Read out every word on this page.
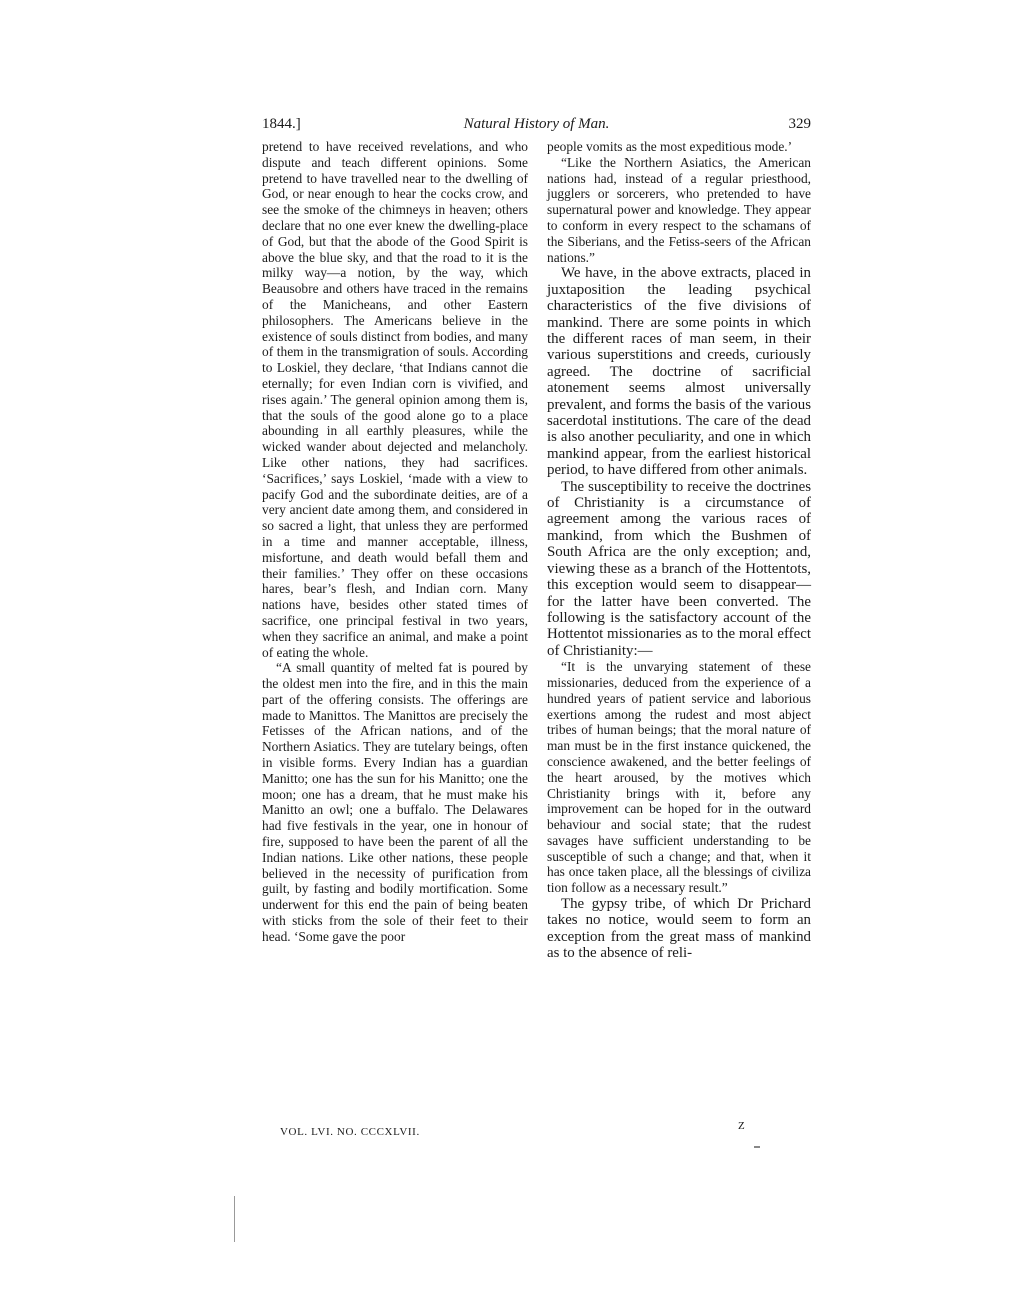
1844.]	Natural History of Man.	329

pretend to have received revelations, and who dispute and teach different opinions. Some pretend to have travelled near to the dwelling of God, or near enough to hear the cocks crow, and see the smoke of the chimneys in heaven; others declare that no one ever knew the dwelling-place of God, but that the abode of the Good Spirit is above the blue sky, and that the road to it is the milky way—a notion, by the way, which Beausobre and others have traced in the remains of the Manicheans, and other Eastern philosophers. The Americans believe in the existence of souls distinct from bodies, and many of them in the transmigration of souls. According to Loskiel, they declare, ‘that Indians cannot die eternally; for even Indian corn is vivified, and rises again.’ The general opinion among them is, that the souls of the good alone go to a place abounding in all earthly pleasures, while the wicked wander about dejected and melancholy. Like other nations, they had sacrifices. ‘Sacrifices,’ says Loskiel, ‘made with a view to pacify God and the subordinate deities, are of a very ancient date among them, and considered in so sacred a light, that unless they are performed in a time and manner acceptable, illness, misfortune, and death would befall them and their families.’ They offer on these occasions hares, bear’s flesh, and Indian corn. Many nations have, besides other stated times of sacrifice, one principal festival in two years, when they sacrifice an animal, and make a point of eating the whole.

“A small quantity of melted fat is poured by the oldest men into the fire, and in this the main part of the offering consists. The offerings are made to Manittos. The Manittos are precisely the Fetisses of the African nations, and of the Northern Asiatics. They are tutelary beings, often in visible forms. Every Indian has a guardian Manitto; one has the sun for his Manitto; one the moon; one has a dream, that he must make his Manitto an owl; one a buffalo. The Delawares had five festivals in the year, one in honour of fire, supposed to have been the parent of all the Indian nations. Like other nations, these people believed in the necessity of purification from guilt, by fasting and bodily mortification. Some underwent for this end the pain of being beaten with sticks from the sole of their feet to their head. ‘Some gave the poor

people vomits as the most expeditious mode.’

“Like the Northern Asiatics, the American nations had, instead of a regular priesthood, jugglers or sorcerers, who pretended to have supernatural power and knowledge. They appear to conform in every respect to the schamans of the Siberians, and the Fetiss-seers of the African nations.”

We have, in the above extracts, placed in juxtaposition the leading psychical characteristics of the five divisions of mankind. There are some points in which the different races of man seem, in their various superstitions and creeds, curiously agreed. The doctrine of sacrificial atonement seems almost universally prevalent, and forms the basis of the various sacerdotal institutions. The care of the dead is also another peculiarity, and one in which mankind appear, from the earliest historical period, to have differed from other animals.

The susceptibility to receive the doctrines of Christianity is a circumstance of agreement among the various races of mankind, from which the Bushmen of South Africa are the only exception; and, viewing these as a branch of the Hottentots, this exception would seem to disappear—for the latter have been converted. The following is the satisfactory account of the Hottentot missionaries as to the moral effect of Christianity:—

“It is the unvarying statement of these missionaries, deduced from the experience of a hundred years of patient service and laborious exertions among the rudest and most abject tribes of human beings; that the moral nature of man must be in the first instance quickened, the conscience awakened, and the better feelings of the heart aroused, by the motives which Christianity brings with it, before any improvement can be hoped for in the outward behaviour and social state; that the rudest savages have sufficient understanding to be susceptible of such a change; and that, when it has once taken place, all the blessings of civiliza tion follow as a necessary result.”

The gypsy tribe, of which Dr Prichard takes no notice, would seem to form an exception from the great mass of mankind as to the absence of reli-

VOL. LVI. NO. CCCXLVII.	Z
